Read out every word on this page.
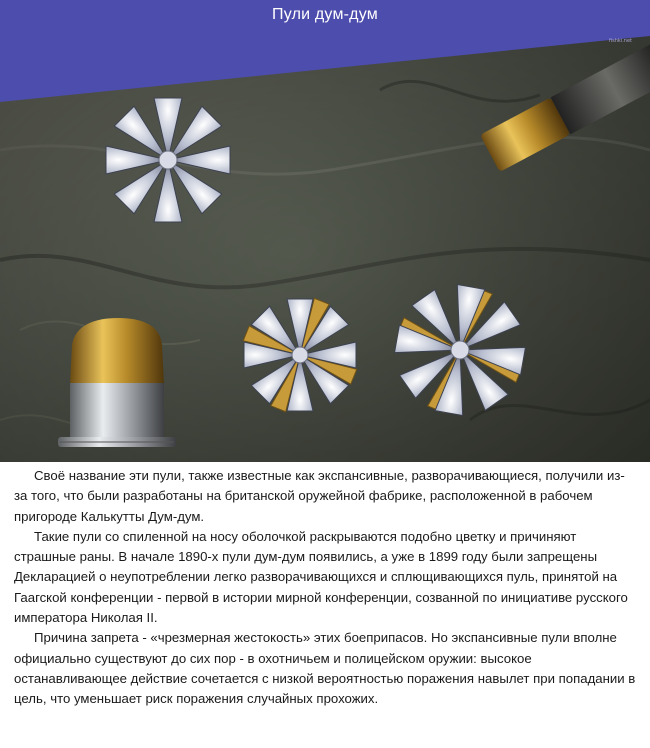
Пули дум-дум
fishki.net

Своё название эти пули, также известные как экспансивные, разворачивающиеся, получили из-за того, что были разработаны на британской оружейной фабрике, расположенной в рабочем пригороде Калькутты Дум-дум.

Такие пули со спиленной на носу оболочкой раскрываются подобно цветку и причиняют страшные раны. В начале 1890-х пули дум-дум появились, а уже в 1899 году были запрещены Декларацией о неупотреблении легко разворачивающихся и сплющивающихся пуль, принятой на Гаагской конференции - первой в истории мирной конференции, созванной по инициативе русского императора Николая II.

Причина запрета - «чрезмерная жестокость» этих боеприпасов. Но экспансивные пули вполне официально существуют до сих пор - в охотничьем и полицейском оружии: высокое останавливающее действие сочетается с низкой вероятностью поражения навылет при попадании в цель, что уменьшает риск поражения случайных прохожих.
